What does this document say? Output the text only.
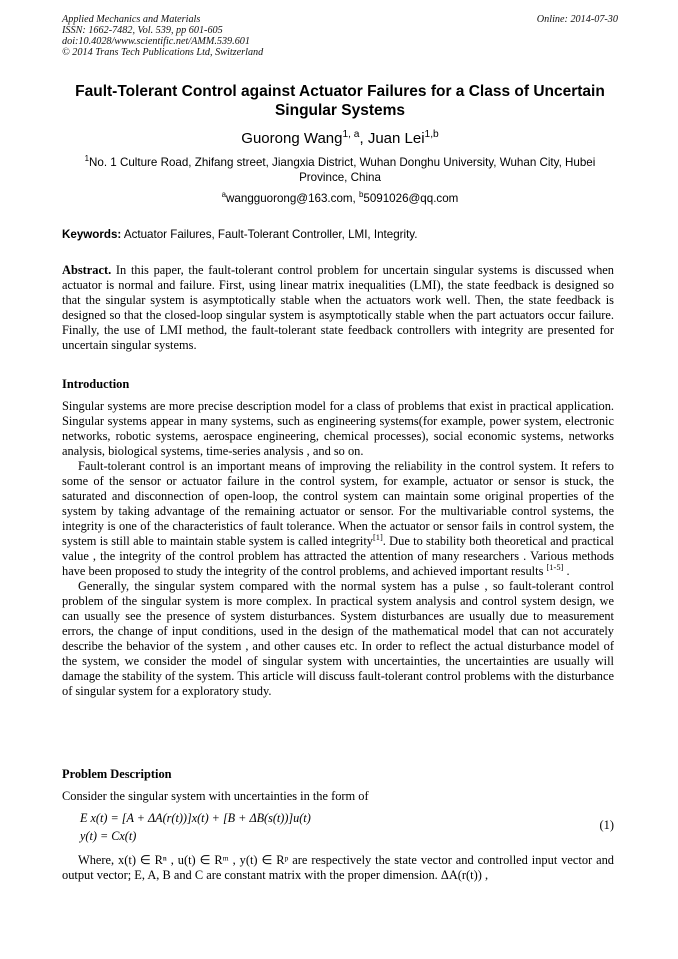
Applied Mechanics and Materials	Online: 2014-07-30
ISSN: 1662-7482, Vol. 539, pp 601-605
doi:10.4028/www.scientific.net/AMM.539.601
© 2014 Trans Tech Publications Ltd, Switzerland
Fault-Tolerant Control against Actuator Failures for a Class of Uncertain
Singular Systems
Guorong Wang$^{1, a}$, Juan Lei$^{1,b}$
$^1$No. 1 Culture Road, Zhifang street, Jiangxia District, Wuhan Donghu University, Wuhan City, Hubei Province, China
$^a$wangguorong@163.com, $^b$5091026@qq.com
Keywords: Actuator Failures, Fault-Tolerant Controller, LMI, Integrity.
Abstract. In this paper, the fault-tolerant control problem for uncertain singular systems is discussed when actuator is normal and failure. First, using linear matrix inequalities (LMI), the state feedback is designed so that the singular system is asymptotically stable when the actuators work well. Then, the state feedback is designed so that the closed-loop singular system is asymptotically stable when the part actuators occur failure. Finally, the use of LMI method, the fault-tolerant state feedback controllers with integrity are presented for uncertain singular systems.
Introduction

Singular systems are more precise description model for a class of problems that exist in practical application. Singular systems appear in many systems, such as engineering systems(for example, power system, electronic networks, robotic systems, aerospace engineering, chemical processes), social economic systems, networks analysis, biological systems, time-series analysis , and so on.

Fault-tolerant control is an important means of improving the reliability in the control system. It refers to some of the sensor or actuator failure in the control system, for example, actuator or sensor is stuck, the saturated and disconnection of open-loop, the control system can maintain some original properties of the system by taking advantage of the remaining actuator or sensor. For the multivariable control systems, the integrity is one of the characteristics of fault tolerance. When the actuator or sensor fails in control system, the system is still able to maintain stable system is called integrity[1]. Due to stability both theoretical and practical value , the integrity of the control problem has attracted the attention of many researchers . Various methods have been proposed to study the integrity of the control problems, and achieved important results [1-5] .

Generally, the singular system compared with the normal system has a pulse , so fault-tolerant control problem of the singular system is more complex. In practical system analysis and control system design, we can usually see the presence of system disturbances. System disturbances are usually due to measurement errors, the change of input conditions, used in the design of the mathematical model that can not accurately describe the behavior of the system , and other causes etc. In order to reflect the actual disturbance model of the system, we consider the model of singular system with uncertainties, the uncertainties are usually will damage the stability of the system. This article will discuss fault-tolerant control problems with the disturbance of singular system for a exploratory study.

Problem Description
Consider the singular system with uncertainties in the form of
E x(t) = [A + ΔA(r(t))]x(t) + [B + ΔB(s(t))]u(t)
y(t) = Cx(t)
(1)

Where, x(t) ∈ Rⁿ , u(t) ∈ Rᵐ , y(t) ∈ Rᵖ are respectively the state vector and controlled input vector and output vector; E, A, B and C are constant matrix with the proper dimension. ΔA(r(t)) ,
